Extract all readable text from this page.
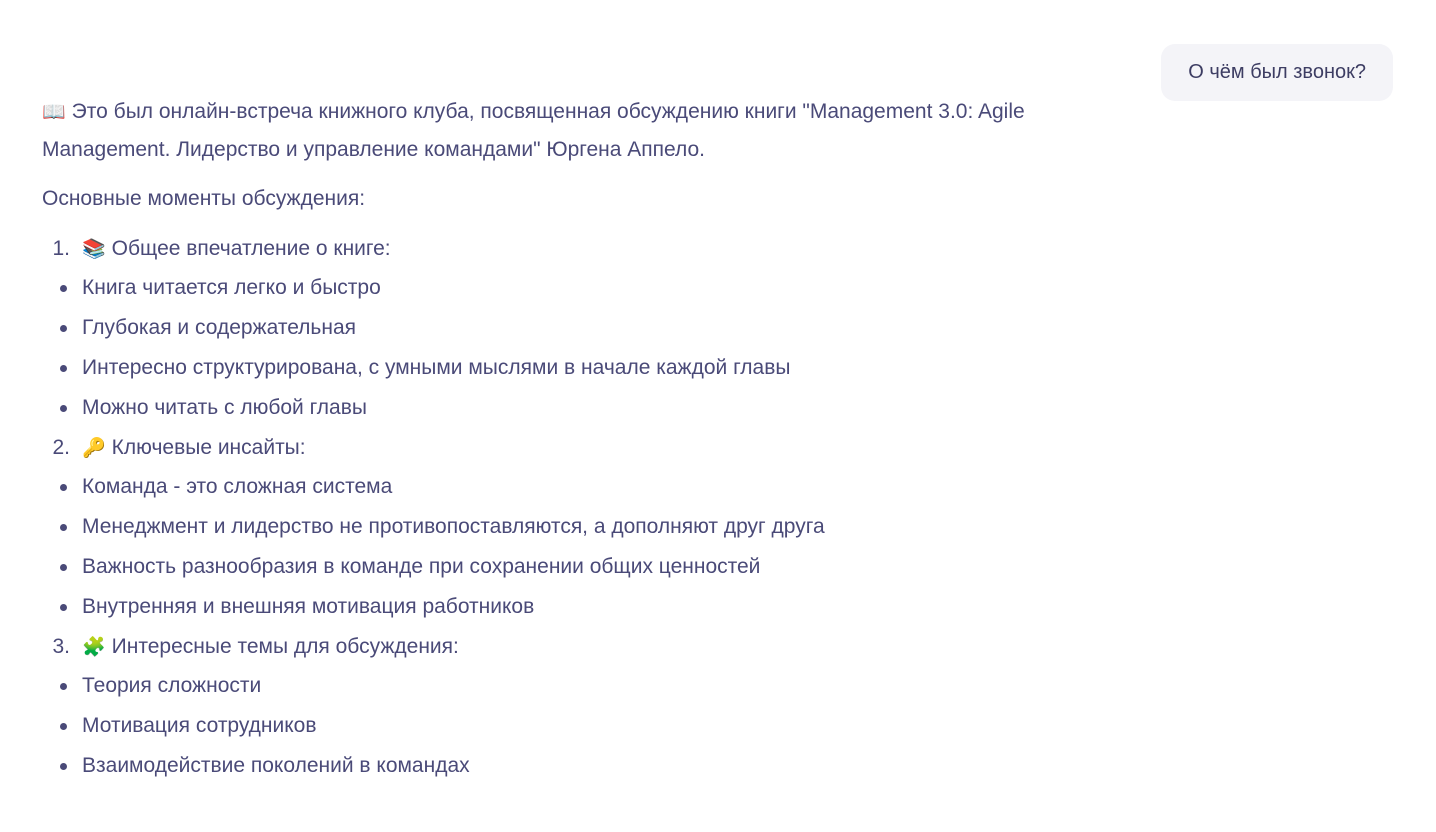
О чём был звонок?

📖 Это был онлайн-встреча книжного клуба, посвященная обсуждению книги "Management 3.0: Agile Management. Лидерство и управление командами" Юргена Аппело.

Основные моменты обсуждения:

1. 📚 Общее впечатление о книге:
Книга читается легко и быстро
Глубокая и содержательная
Интересно структурирована, с умными мыслями в начале каждой главы
Можно читать с любой главы
2. 🔑 Ключевые инсайты:
Команда - это сложная система
Менеджмент и лидерство не противопоставляются, а дополняют друг друга
Важность разнообразия в команде при сохранении общих ценностей
Внутренняя и внешняя мотивация работников
3. 🧩 Интересные темы для обсуждения:
Теория сложности
Мотивация сотрудников
Взаимодействие поколений в командах
